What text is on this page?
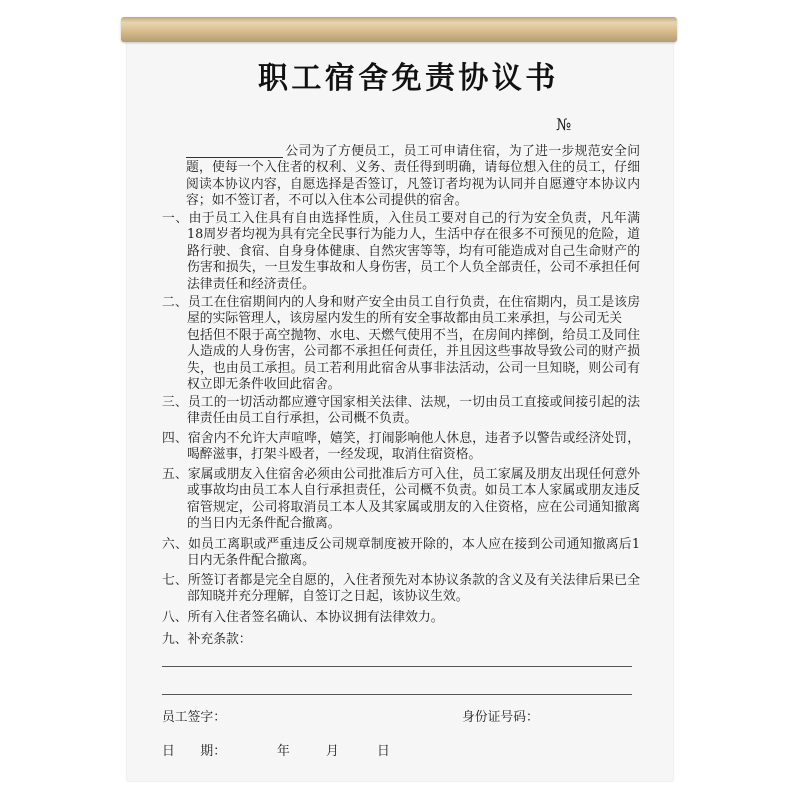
职工宿舍免责协议书
№
公司为了方便员工，员工可申请住宿，为了进一步规范安全问
题，使每一个入住者的权利、义务、责任得到明确，请每位想入住的员工，仔细
阅读本协议内容，自愿选择是否签订，凡签订者均视为认同并自愿遵守本协议内
容；如不签订者，不可以入住本公司提供的宿舍。
一、由于员工入住具有自由选择性质，入住员工要对自己的行为安全负责，凡年满
18周岁者均视为具有完全民事行为能力人，生活中存在很多不可预见的危险，道
路行驶、食宿、自身身体健康、自然灾害等等，均有可能造成对自己生命财产的
伤害和损失，一旦发生事故和人身伤害，员工个人负全部责任，公司不承担任何
法律责任和经济责任。
二、员工在住宿期间内的人身和财产安全由员工自行负责，在住宿期内，员工是该房
屋的实际管理人，该房屋内发生的所有安全事故都由员工来承担，与公司无关
包括但不限于高空抛物、水电、天燃气使用不当，在房间内摔倒，给员工及同住
人造成的人身伤害，公司都不承担任何责任，并且因这些事故导致公司的财产损
失，也由员工承担。员工若利用此宿舍从事非法活动，公司一旦知晓，则公司有
权立即无条件收回此宿舍。
三、员工的一切活动都应遵守国家相关法律、法规，一切由员工直接或间接引起的法
律责任由员工自行承担，公司概不负责。
四、宿舍内不允许大声喧哗，嬉笑，打闹影响他人休息，违者予以警告或经济处罚，
喝醉滋事，打架斗殴者，一经发现，取消住宿资格。
五、家属或朋友入住宿舍必须由公司批准后方可入住，员工家属及朋友出现任何意外
或事故均由员工本人自行承担责任，公司概不负责。如员工本人家属或朋友违反
宿管规定，公司将取消员工本人及其家属或朋友的入住资格，应在公司通知撤离
的当日内无条件配合撤离。
六、如员工离职或严重违反公司规章制度被开除的，本人应在接到公司通知撤离后1
日内无条件配合撤离。
七、所签订者都是完全自愿的，入住者预先对本协议条款的含义及有关法律后果已全
部知晓并充分理解，自签订之日起，该协议生效。
八、所有入住者签名确认、本协议拥有法律效力。
九、补充条款：
员工签字：	身份证号码：
日　　期：	年	月	日
